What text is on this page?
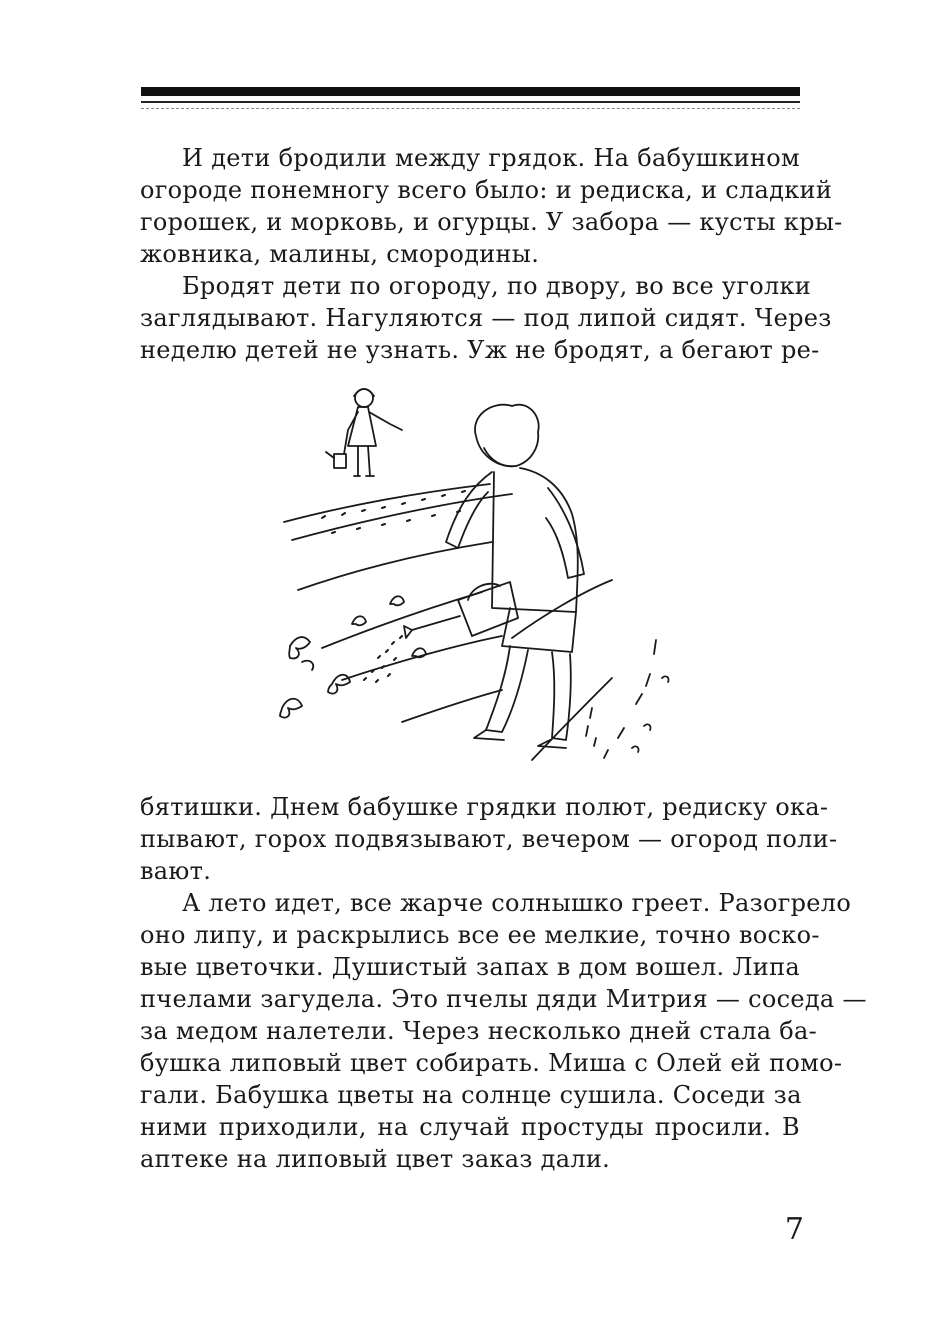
И дети бродили между грядок. На бабушкином
огороде понемногу всего было: и редиска, и сладкий
горошек, и морковь, и огурцы. У забора — кусты кры-
жовника, малины, смородины.
Бродят дети по огороду, по двору, во все уголки
заглядывают. Нагуляются — под липой сидят. Через
неделю детей не узнать. Уж не бродят, а бегают ре-
бятишки. Днем бабушке грядки полют, редиску ока-
пывают, горох подвязывают, вечером — огород поли-
вают.
А лето идет, все жарче солнышко греет. Разогрело
оно липу, и раскрылись все ее мелкие, точно воско-
вые цветочки. Душистый запах в дом вошел. Липа
пчелами загудела. Это пчелы дяди Митрия — соседа —
за медом налетели. Через несколько дней стала ба-
бушка липовый цвет собирать. Миша с Олей ей помо-
гали. Бабушка цветы на солнце сушила. Соседи за
ними приходили, на случай простуды просили. В
аптеке на липовый цвет заказ дали.
7
